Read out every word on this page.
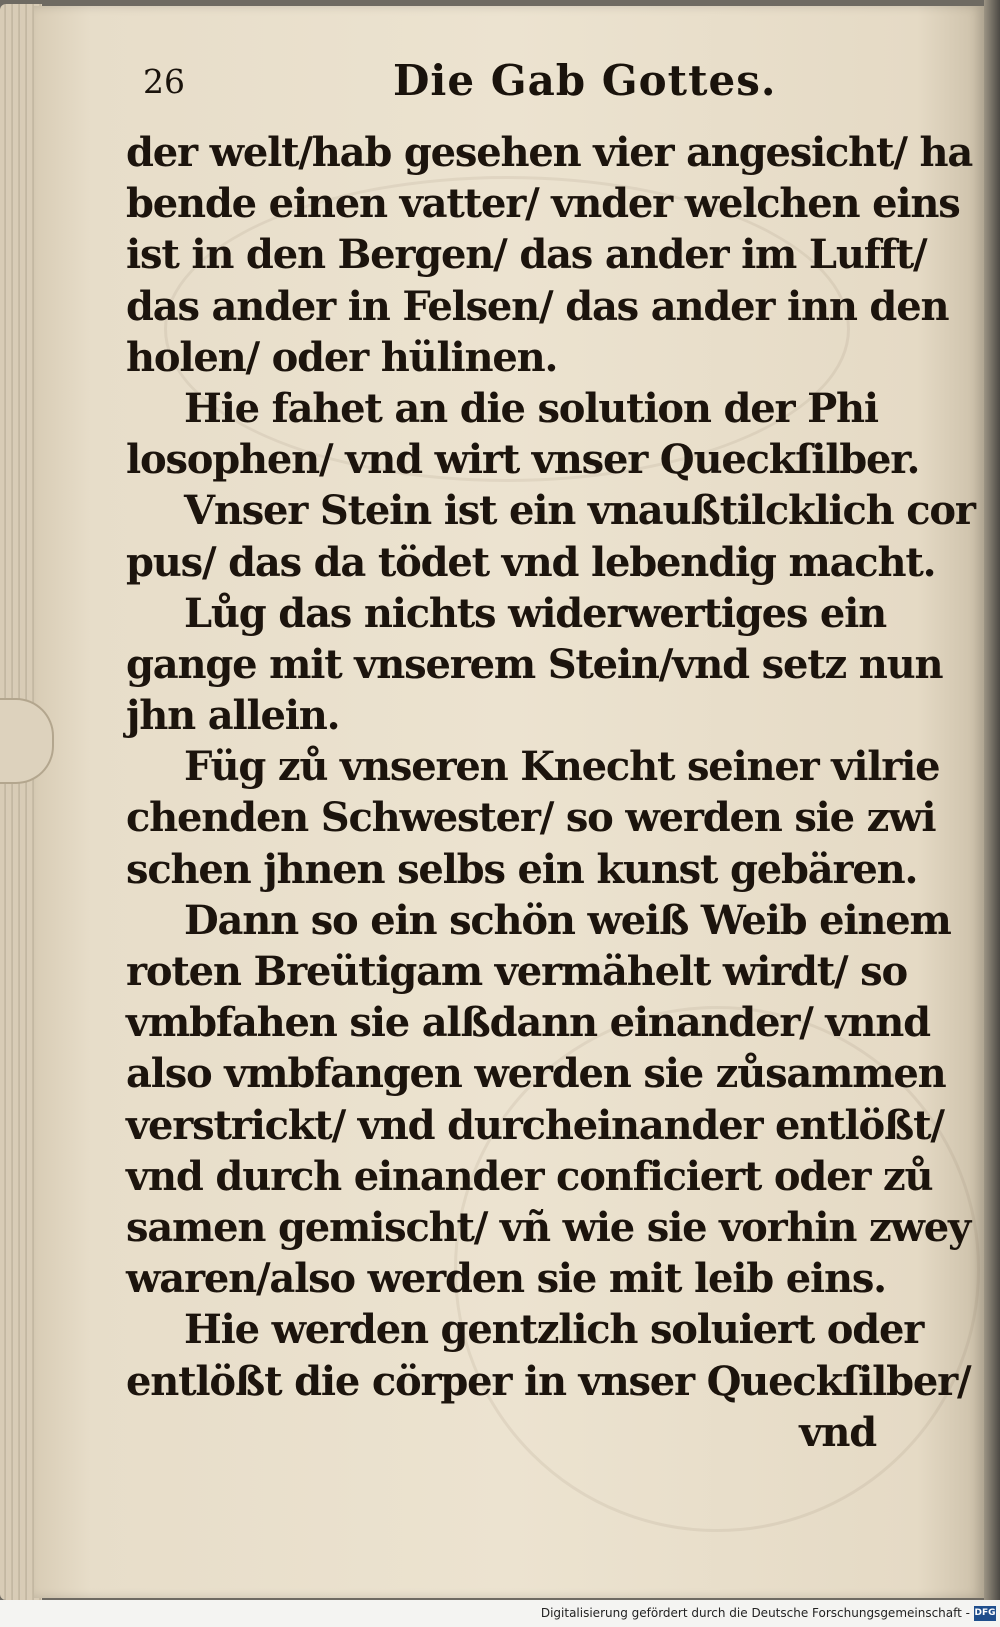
26	Die Gab Gottes.
der welt/hab gesehen vier angesicht/ ha
bende einen vatter/ vnder welchen eins
ist in den Bergen/ das ander im Lufft/
das ander in Felsen/ das ander inn den
holen/ oder hülinen.
Hie fahet an die solution der Phi
losophen/ vnd wirt vnser Queckſilber.
Vnser Stein ist ein vnaußtilcklich cor
pus/ das da tödet vnd lebendig macht.
Lůg das nichts widerwertiges ein
gange mit vnserem Stein/vnd setz nun
jhn allein.
Füg zů vnseren Knecht seiner vilrie
chenden Schwester/ so werden sie zwi
schen jhnen selbs ein kunst gebären.
Dann so ein schön weiß Weib einem
roten Breütigam vermähelt wirdt/ so
vmbfahen sie alßdann einander/ vnnd
also vmbfangen werden sie zůsammen
verstrickt/ vnd durcheinander entlößt/
vnd durch einander conficiert oder zů
samen gemischt/ vñ wie sie vorhin zwey
waren/also werden sie mit leib eins.
Hie werden gentzlich soluiert oder
entlößt die cörper in vnser Queckſilber/
vnd
Digitalisierung gefördert durch die Deutsche Forschungsgemeinschaft - DFG
